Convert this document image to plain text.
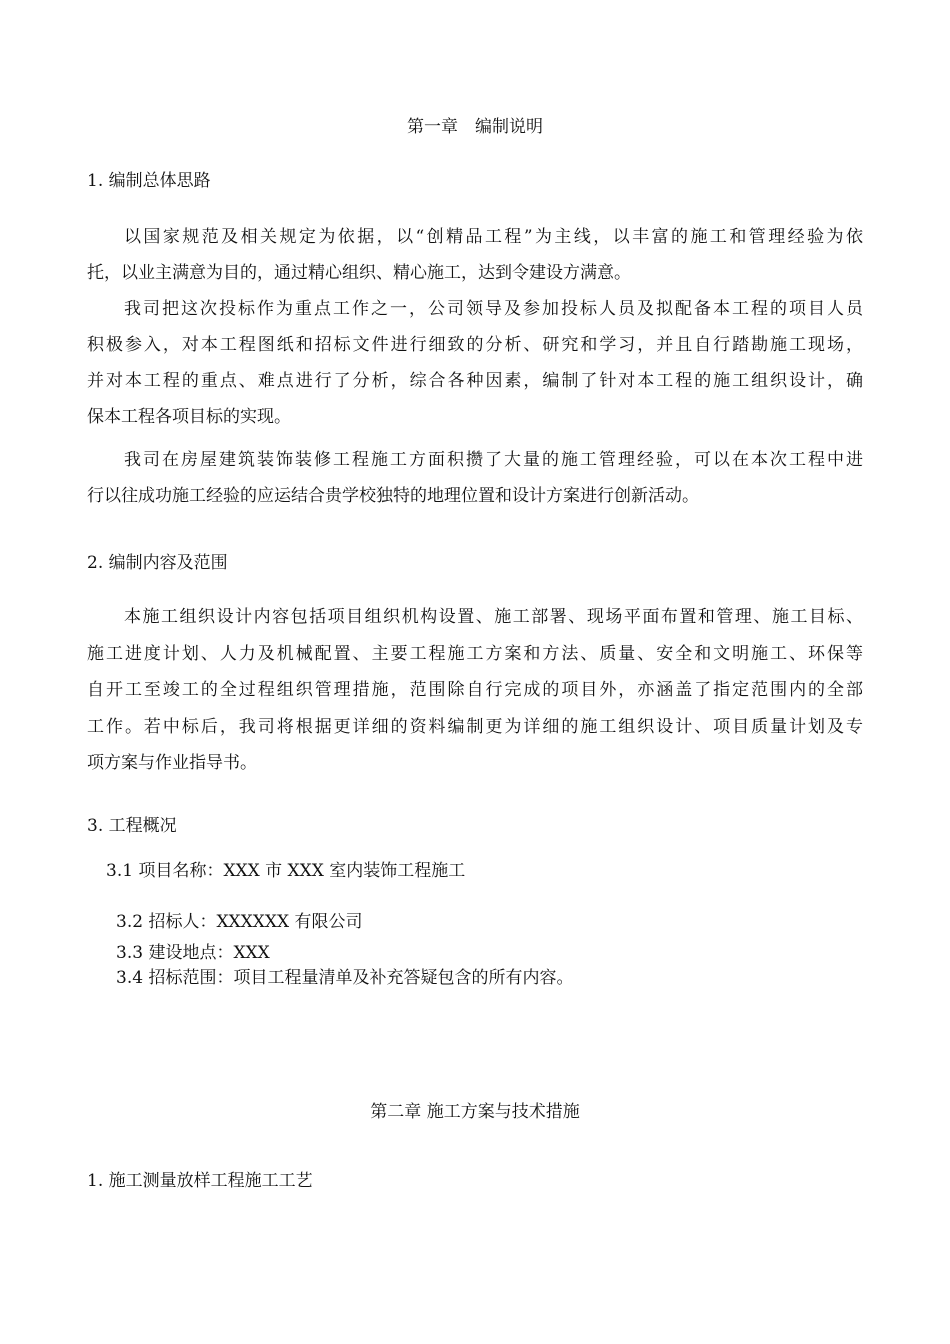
第一章　编制说明
1. 编制总体思路
以国家规范及相关规定为依据，以“创精品工程”为主线，以丰富的施工和管理经验为依
托，以业主满意为目的，通过精心组织、精心施工，达到令建设方满意。
我司把这次投标作为重点工作之一，公司领导及参加投标人员及拟配备本工程的项目人员
积极参入，对本工程图纸和招标文件进行细致的分析、研究和学习，并且自行踏勘施工现场，
并对本工程的重点、难点进行了分析，综合各种因素，编制了针对本工程的施工组织设计，确
保本工程各项目标的实现。
我司在房屋建筑装饰装修工程施工方面积攒了大量的施工管理经验，可以在本次工程中进
行以往成功施工经验的应运结合贵学校独特的地理位置和设计方案进行创新活动。
2. 编制内容及范围
本施工组织设计内容包括项目组织机构设置、施工部署、现场平面布置和管理、施工目标、
施工进度计划、人力及机械配置、主要工程施工方案和方法、质量、安全和文明施工、环保等
自开工至竣工的全过程组织管理措施，范围除自行完成的项目外，亦涵盖了指定范围内的全部
工作。若中标后，我司将根据更详细的资料编制更为详细的施工组织设计、项目质量计划及专
项方案与作业指导书。
3. 工程概况
3.1 项目名称：XXX 市 XXX 室内装饰工程施工
3.2 招标人：XXXXXX 有限公司
3.3 建设地点：XXX
3.4 招标范围：项目工程量清单及补充答疑包含的所有内容。
第二章 施工方案与技术措施
1. 施工测量放样工程施工工艺
